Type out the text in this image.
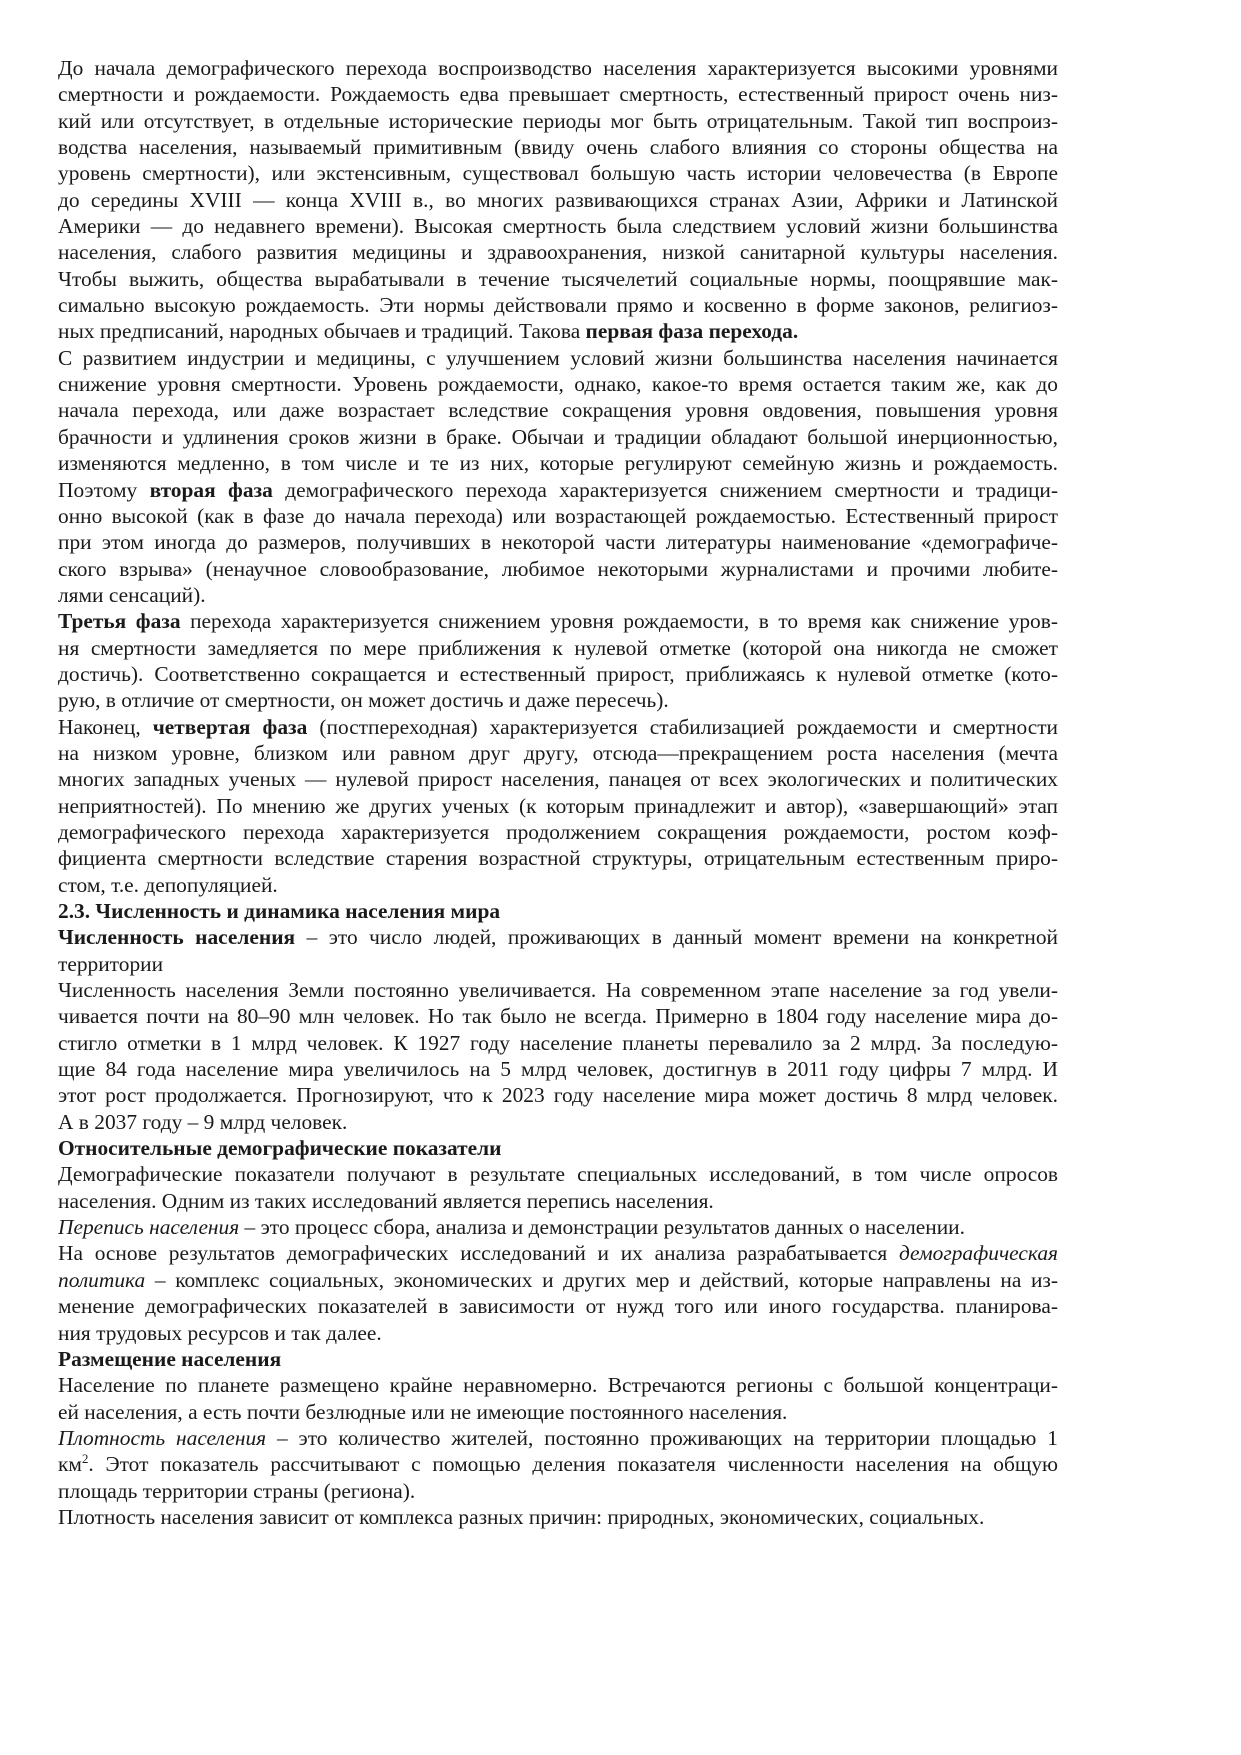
До начала демографического перехода воспроизводство населения характеризуется высокими уровнями
смертности и рождаемости. Рождаемость едва превышает смертность, естественный прирост очень низ-
кий или отсутствует, в отдельные исторические периоды мог быть отрицательным. Такой тип воспроиз-
водства населения, называемый примитивным (ввиду очень слабого влияния со стороны общества на
уровень смертности), или экстенсивным, существовал большую часть истории человечества (в Европе
до середины XVIII — конца XVIII в., во многих развивающихся странах Азии, Африки и Латинской
Америки — до недавнего времени). Высокая смертность была следствием условий жизни большинства
населения, слабого развития медицины и здравоохранения, низкой санитарной культуры населения.
Чтобы выжить, общества вырабатывали в течение тысячелетий социальные нормы, поощрявшие мак-
симально высокую рождаемость. Эти нормы действовали прямо и косвенно в форме законов, религиоз-
ных предписаний, народных обычаев и традиций. Такова первая фаза перехода.
С развитием индустрии и медицины, с улучшением условий жизни большинства населения начинается
снижение уровня смертности. Уровень рождаемости, однако, какое-то время остается таким же, как до
начала перехода, или даже возрастает вследствие сокращения уровня овдовения, повышения уровня
брачности и удлинения сроков жизни в браке. Обычаи и традиции обладают большой инерционностью,
изменяются медленно, в том числе и те из них, которые регулируют семейную жизнь и рождаемость.
Поэтому вторая фаза демографического перехода характеризуется снижением смертности и традици-
онно высокой (как в фазе до начала перехода) или возрастающей рождаемостью. Естественный прирост
при этом иногда до размеров, получивших в некоторой части литературы наименование «демографиче-
ского взрыва» (ненаучное словообразование, любимое некоторыми журналистами и прочими любите-
лями сенсаций).
Третья фаза перехода характеризуется снижением уровня рождаемости, в то время как снижение уров-
ня смертности замедляется по мере приближения к нулевой отметке (которой она никогда не сможет
достичь). Соответственно сокращается и естественный прирост, приближаясь к нулевой отметке (кото-
рую, в отличие от смертности, он может достичь и даже пересечь).
Наконец, четвертая фаза (постпереходная) характеризуется стабилизацией рождаемости и смертности
на низком уровне, близком или равном друг другу, отсюда—прекращением роста населения (мечта
многих западных ученых — нулевой прирост населения, панацея от всех экологических и политических
неприятностей). По мнению же других ученых (к которым принадлежит и автор), «завершающий» этап
демографического перехода характеризуется продолжением сокращения рождаемости, ростом коэф-
фициента смертности вследствие старения возрастной структуры, отрицательным естественным приро-
стом, т.е. депопуляцией.
2.3. Численность и динамика населения мира
Численность населения – это число людей, проживающих в данный момент времени на конкретной
территории
Численность населения Земли постоянно увеличивается. На современном этапе население за год увели-
чивается почти на 80–90 млн человек. Но так было не всегда. Примерно в 1804 году население мира до-
стигло отметки в 1 млрд человек. К 1927 году население планеты перевалило за 2 млрд. За последую-
щие 84 года население мира увеличилось на 5 млрд человек, достигнув в 2011 году цифры 7 млрд. И
этот рост продолжается. Прогнозируют, что к 2023 году население мира может достичь 8 млрд человек.
А в 2037 году – 9 млрд человек.
Относительные демографические показатели
Демографические показатели получают в результате специальных исследований, в том числе опросов
населения. Одним из таких исследований является перепись населения.
Перепись населения – это процесс сбора, анализа и демонстрации результатов данных о населении.
На основе результатов демографических исследований и их анализа разрабатывается демографическая
политика – комплекс социальных, экономических и других мер и действий, которые направлены на из-
менение демографических показателей в зависимости от нужд того или иного государства. планирова-
ния трудовых ресурсов и так далее.
Размещение населения
Население по планете размещено крайне неравномерно. Встречаются регионы с большой концентраци-
ей населения, а есть почти безлюдные или не имеющие постоянного населения.
Плотность населения – это количество жителей, постоянно проживающих на территории площадью 1
$км^2$. Этот показатель рассчитывают с помощью деления показателя численности населения на общую
площадь территории страны (региона).
Плотность населения зависит от комплекса разных причин: природных, экономических, социальных.
